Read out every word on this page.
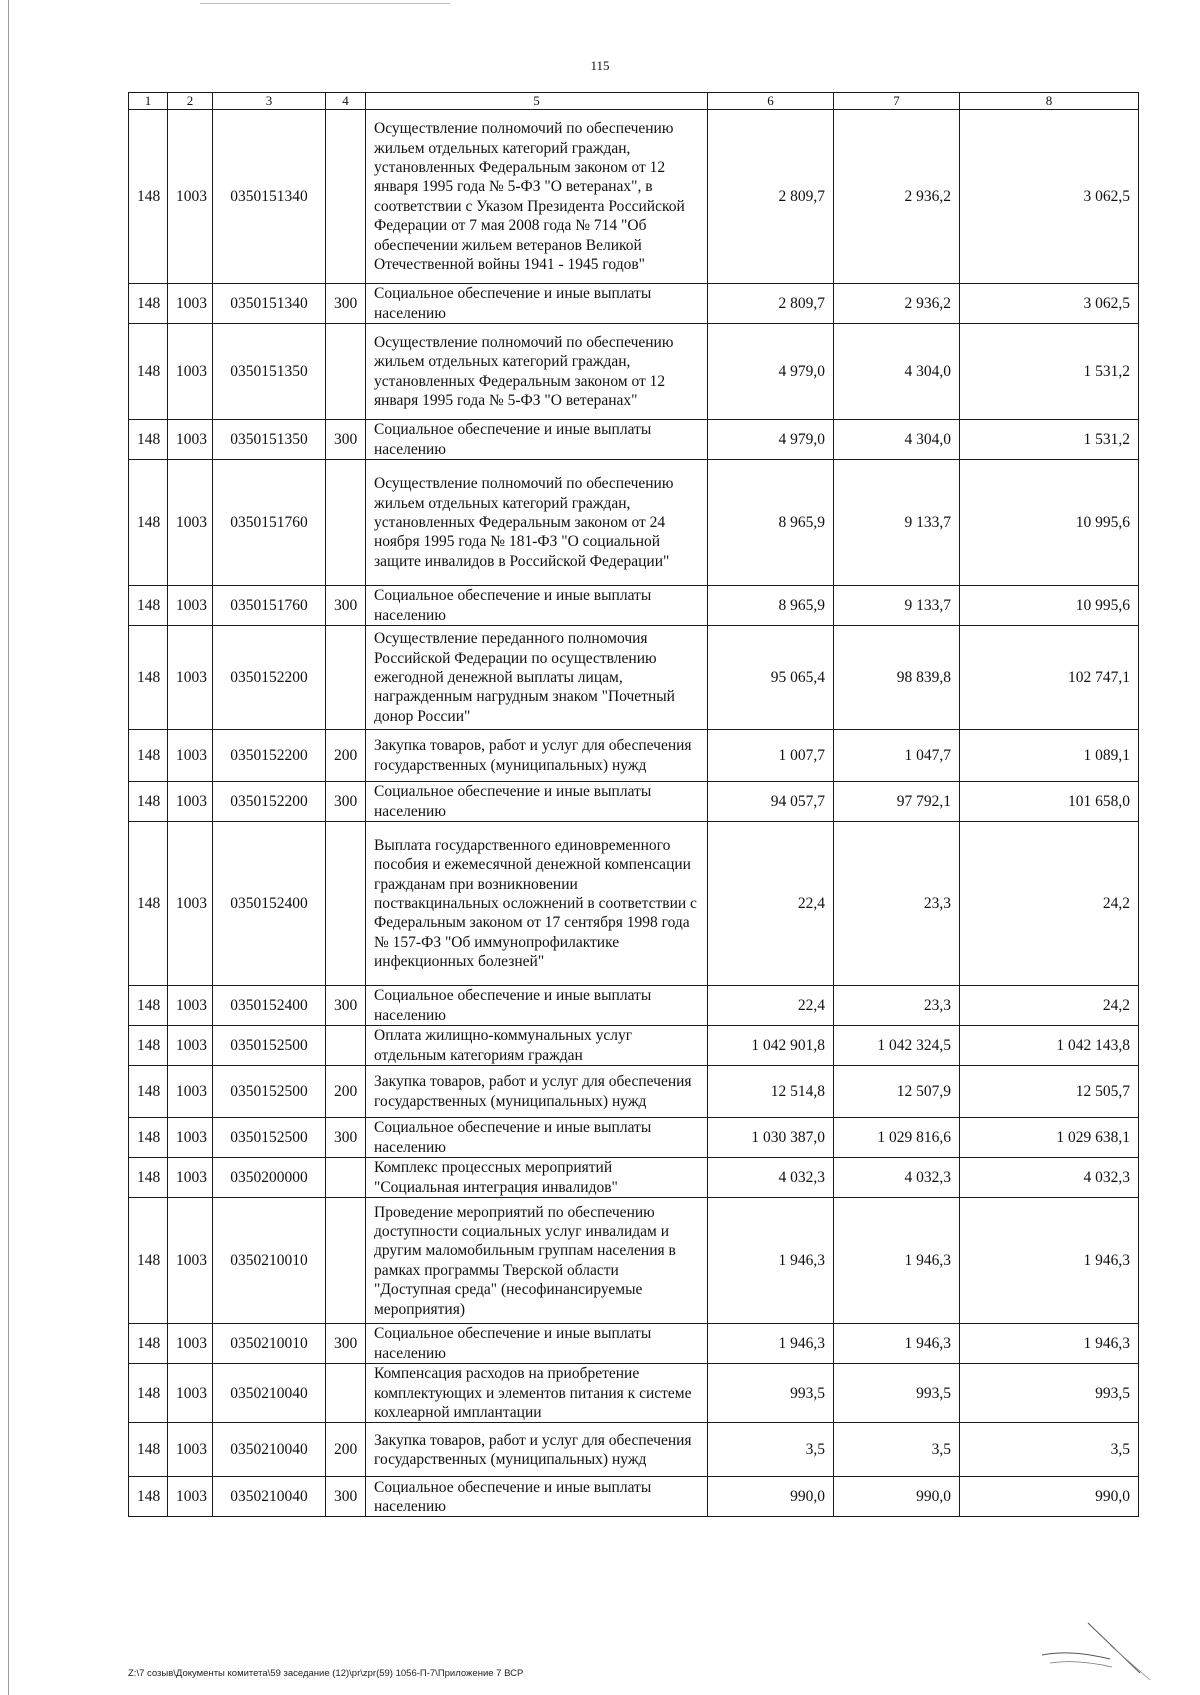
115
1	2	3	4	5	6	7	8
148	1003	0350151340		Осуществление полномочий по обеспечению жильем отдельных категорий граждан, установленных Федеральным законом от 12 января 1995 года № 5-ФЗ "О ветеранах", в соответствии с Указом Президента Российской Федерации от 7 мая 2008 года № 714 "Об обеспечении жильем ветеранов Великой Отечественной войны 1941 - 1945 годов"	2 809,7	2 936,2	3 062,5
148	1003	0350151340	300	Социальное обеспечение и иные выплаты населению	2 809,7	2 936,2	3 062,5
148	1003	0350151350		Осуществление полномочий по обеспечению жильем отдельных категорий граждан, установленных Федеральным законом от 12 января 1995 года № 5-ФЗ "О ветеранах"	4 979,0	4 304,0	1 531,2
148	1003	0350151350	300	Социальное обеспечение и иные выплаты населению	4 979,0	4 304,0	1 531,2
148	1003	0350151760		Осуществление полномочий по обеспечению жильем отдельных категорий граждан, установленных Федеральным законом от 24 ноября 1995 года № 181-ФЗ "О социальной защите инвалидов в Российской Федерации"	8 965,9	9 133,7	10 995,6
148	1003	0350151760	300	Социальное обеспечение и иные выплаты населению	8 965,9	9 133,7	10 995,6
148	1003	0350152200		Осуществление переданного полномочия Российской Федерации по осуществлению ежегодной денежной выплаты лицам, награжденным нагрудным знаком "Почетный донор России"	95 065,4	98 839,8	102 747,1
148	1003	0350152200	200	Закупка товаров, работ и услуг для обеспечения государственных (муниципальных) нужд	1 007,7	1 047,7	1 089,1
148	1003	0350152200	300	Социальное обеспечение и иные выплаты населению	94 057,7	97 792,1	101 658,0
148	1003	0350152400		Выплата государственного единовременного пособия и ежемесячной денежной компенсации гражданам при возникновении поствакцинальных осложнений в соответствии с Федеральным законом от 17 сентября 1998 года № 157-ФЗ "Об иммунопрофилактике инфекционных болезней"	22,4	23,3	24,2
148	1003	0350152400	300	Социальное обеспечение и иные выплаты населению	22,4	23,3	24,2
148	1003	0350152500		Оплата жилищно-коммунальных услуг отдельным категориям граждан	1 042 901,8	1 042 324,5	1 042 143,8
148	1003	0350152500	200	Закупка товаров, работ и услуг для обеспечения государственных (муниципальных) нужд	12 514,8	12 507,9	12 505,7
148	1003	0350152500	300	Социальное обеспечение и иные выплаты населению	1 030 387,0	1 029 816,6	1 029 638,1
148	1003	0350200000		Комплекс процессных мероприятий "Социальная интеграция инвалидов"	4 032,3	4 032,3	4 032,3
148	1003	0350210010		Проведение мероприятий по обеспечению доступности социальных услуг инвалидам и другим маломобильным группам населения в рамках программы Тверской области "Доступная среда" (несофинансируемые мероприятия)	1 946,3	1 946,3	1 946,3
148	1003	0350210010	300	Социальное обеспечение и иные выплаты населению	1 946,3	1 946,3	1 946,3
148	1003	0350210040		Компенсация расходов на приобретение комплектующих и элементов питания к системе кохлеарной имплантации	993,5	993,5	993,5
148	1003	0350210040	200	Закупка товаров, работ и услуг для обеспечения государственных (муниципальных) нужд	3,5	3,5	3,5
148	1003	0350210040	300	Социальное обеспечение и иные выплаты населению	990,0	990,0	990,0
Z:\7 созыв\Документы комитета\59 заседание (12)\pr\zpr(59) 1056-П-7\Приложение 7 ВСР
